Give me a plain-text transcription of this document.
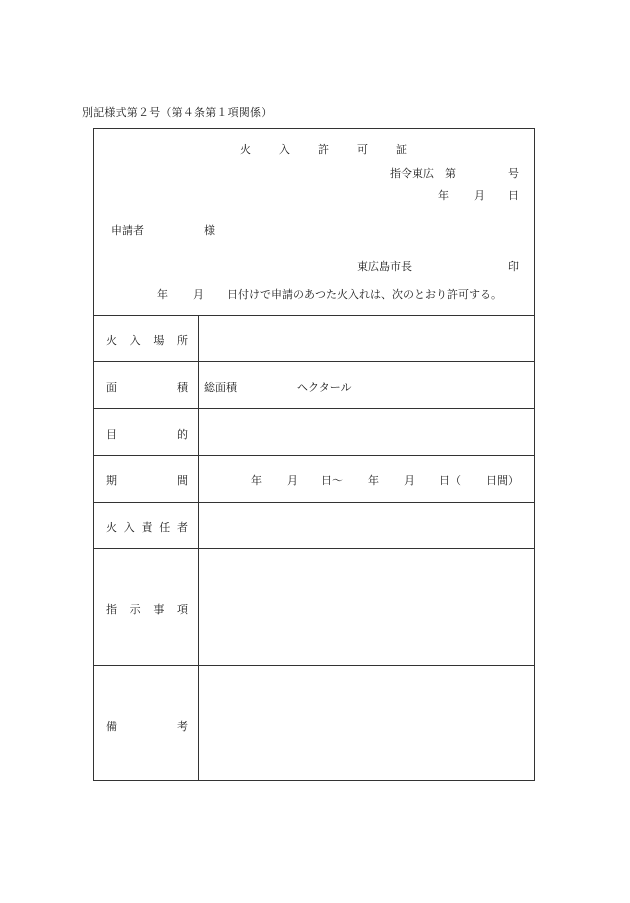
別記様式第２号（第４条第１項関係）
火	入	許	可	証
指令東広　第	号
年 月 日
申請者	様
東広島市長	印
年 月 日付けで申請のあつた火入れは、次のとおり許可する。
火 入 場 所
面	積 総面積	ヘクタール
目	的
期	間	年 月 日〜 年 月 日（ 日間）
火 入 責 任 者
指 示 事 項
備	考
